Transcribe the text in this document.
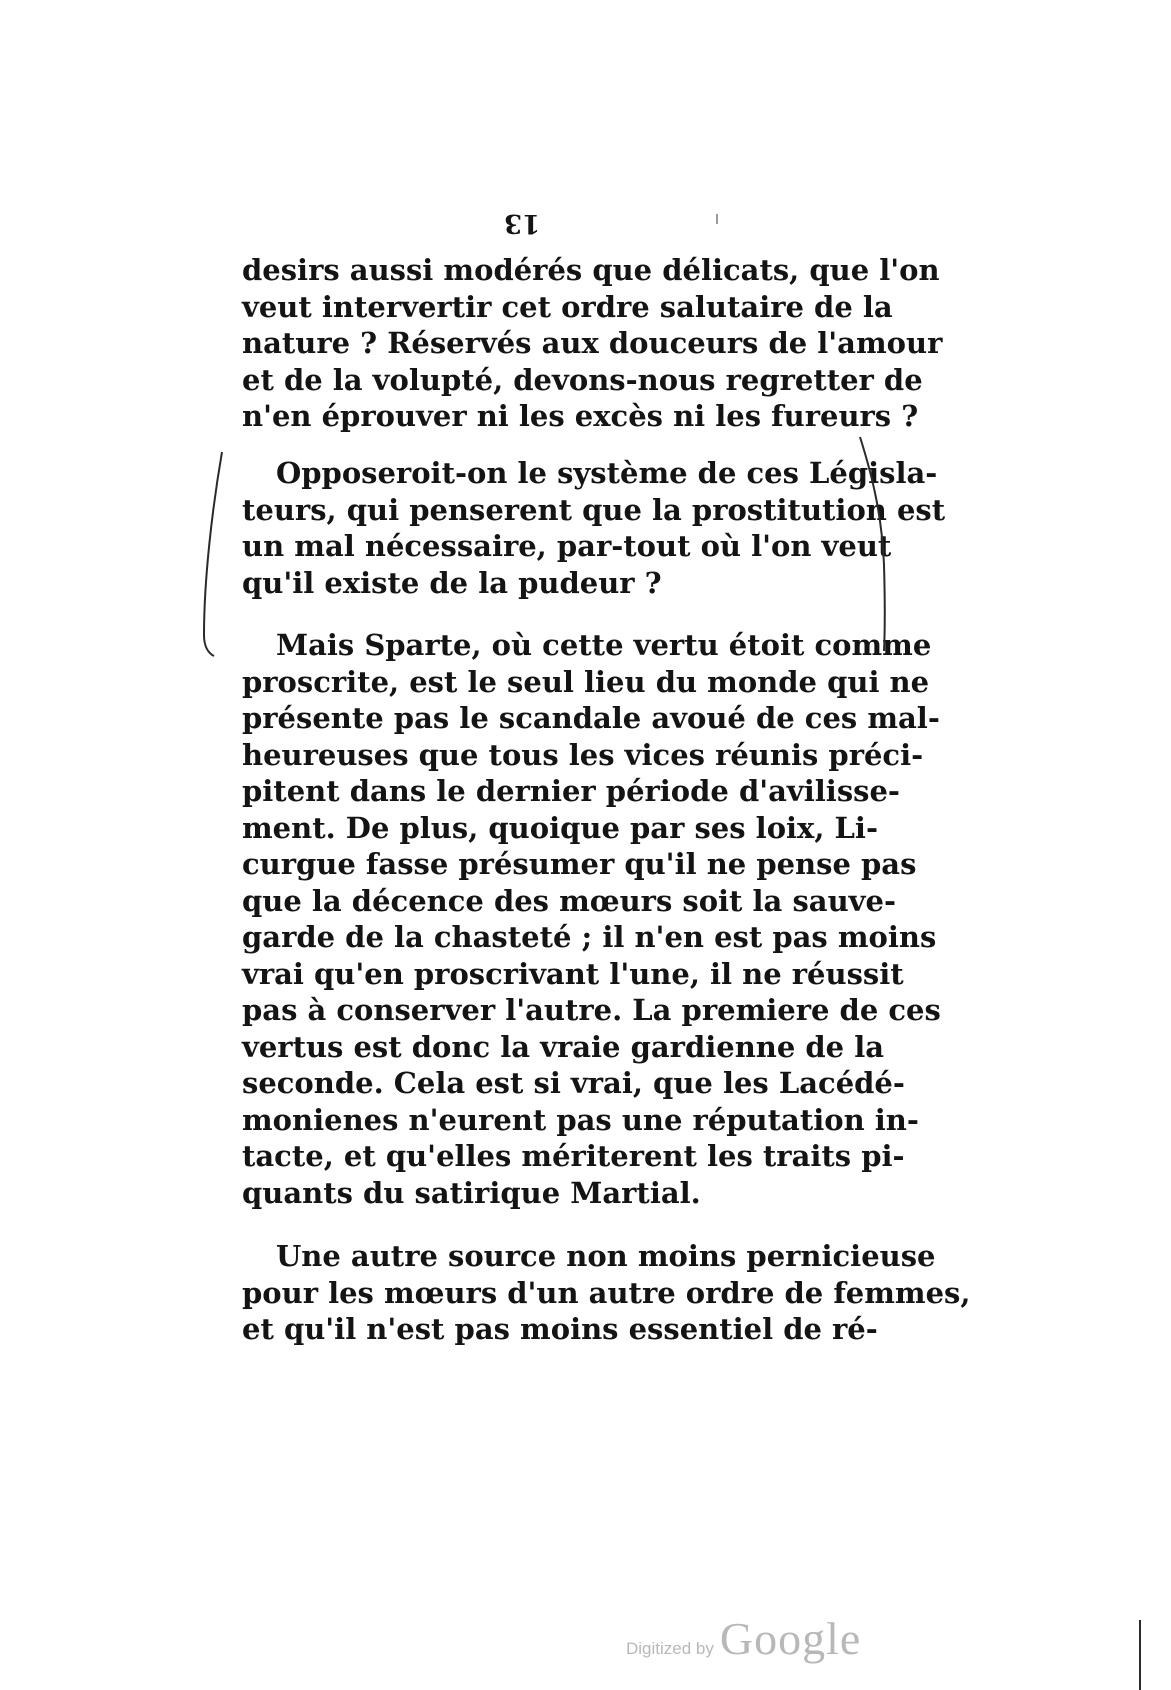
13
desirs aussi modérés que délicats, que l'on
veut intervertir cet ordre salutaire de la
nature ? Réservés aux douceurs de l'amour
et de la volupté, devons-nous regretter de
n'en éprouver ni les excès ni les fureurs ?
Opposeroit-on le système de ces Législa-
teurs, qui penserent que la prostitution est
un mal nécessaire, par-tout où l'on veut
qu'il existe de la pudeur ?
Mais Sparte, où cette vertu étoit comme
proscrite, est le seul lieu du monde qui ne
présente pas le scandale avoué de ces mal-
heureuses que tous les vices réunis préci-
pitent dans le dernier période d'avilisse-
ment. De plus, quoique par ses loix, Li-
curgue fasse présumer qu'il ne pense pas
que la décence des mœurs soit la sauve-
garde de la chasteté ; il n'en est pas moins
vrai qu'en proscrivant l'une, il ne réussit
pas à conserver l'autre. La premiere de ces
vertus est donc la vraie gardienne de la
seconde. Cela est si vrai, que les Lacédé-
monienes n'eurent pas une réputation in-
tacte, et qu'elles mériterent les traits pi-
quants du satirique Martial.
Une autre source non moins pernicieuse
pour les mœurs d'un autre ordre de femmes,
et qu'il n'est pas moins essentiel de ré-
Digitized by Google
